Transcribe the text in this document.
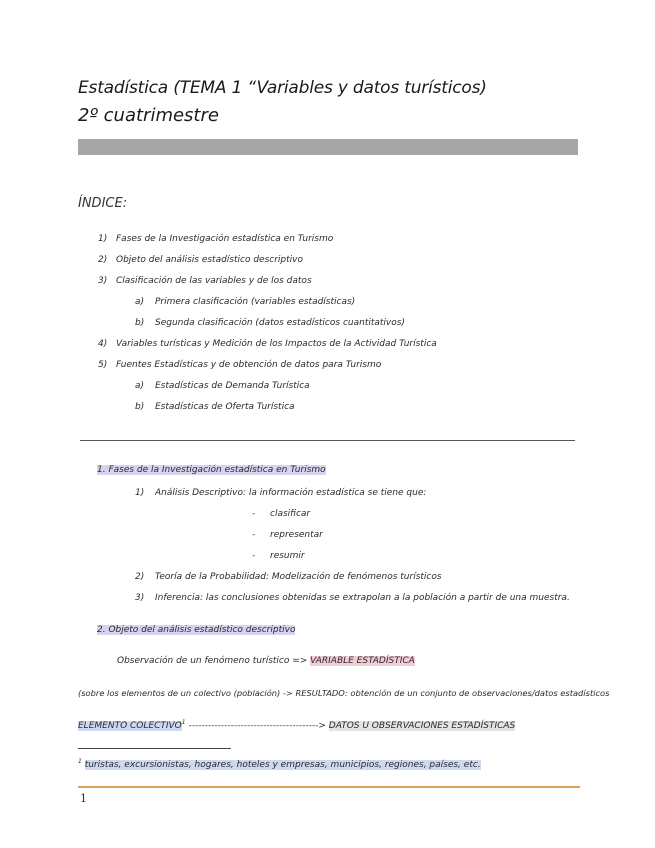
Estadística (TEMA 1 “Variables y datos turísticos)
2º cuatrimestre
ÍNDICE:
1) Fases de la Investigación estadística en Turismo
2) Objeto del análisis estadístico descriptivo
3) Clasificación de las variables y de los datos
a) Primera clasificación (variables estadísticas)
b) Segunda clasificación (datos estadísticos cuantitativos)
4) Variables turísticas y Medición de los Impactos de la Actividad Turística
5) Fuentes Estadísticas y de obtención de datos para Turismo
a) Estadísticas de Demanda Turística
b) Estadísticas de Oferta Turística
1. Fases de la Investigación estadística en Turismo
1) Análisis Descriptivo: la información estadística se tiene que:
- clasificar
- representar
- resumir
2) Teoría de la Probabilidad: Modelización de fenómenos turísticos
3) Inferencia: las conclusiones obtenidas se extrapolan a la población a partir de una muestra.
2. Objeto del análisis estadístico descriptivo
Observación de un fenómeno turístico => VARIABLE ESTADÍSTICA
(sobre los elementos de un colectivo (población) -> RESULTADO: obtención de un conjunto de observaciones/datos estadísticos
ELEMENTO COLECTIVO$^1$ ----------------------------------------> DATOS U OBSERVACIONES ESTADÍSTICAS
$^1$ turistas, excursionistas, hogares, hoteles y empresas, municipios, regiones, países, etc.
1
